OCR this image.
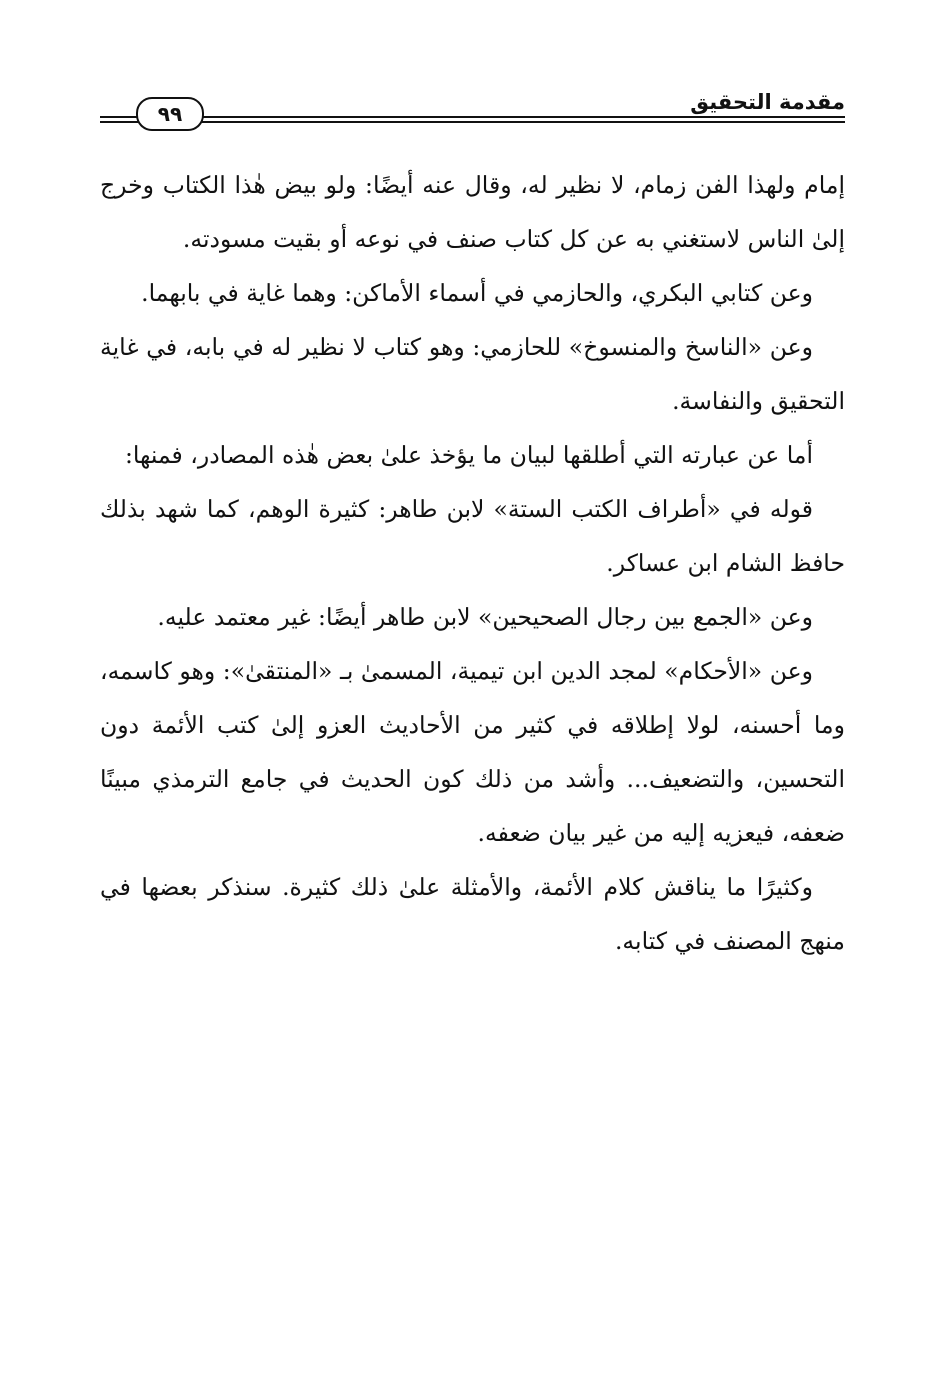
مقدمة التحقيق
٩٩

إمام ولهذا الفن زمام، لا نظير له، وقال عنه أيضًا: ولو بيض هٰذا الكتاب وخرج إلىٰ الناس لاستغني به عن كل كتاب صنف في نوعه أو بقيت مسودته.

وعن كتابي البكري، والحازمي في أسماء الأماكن: وهما غاية في بابهما.

وعن «الناسخ والمنسوخ» للحازمي: وهو كتاب لا نظير له في بابه، في غاية التحقيق والنفاسة.

أما عن عبارته التي أطلقها لبيان ما يؤخذ علىٰ بعض هٰذه المصادر، فمنها:

قوله في «أطراف الكتب الستة» لابن طاهر: كثيرة الوهم، كما شهد بذلك حافظ الشام ابن عساكر.

وعن «الجمع بين رجال الصحيحين» لابن طاهر أيضًا: غير معتمد عليه.

وعن «الأحكام» لمجد الدين ابن تيمية، المسمىٰ بـ «المنتقىٰ»: وهو كاسمه، وما أحسنه، لولا إطلاقه في كثير من الأحاديث العزو إلىٰ كتب الأئمة دون التحسين، والتضعيف... وأشد من ذلك كون الحديث في جامع الترمذي مبينًا ضعفه، فيعزيه إليه من غير بيان ضعفه.

وكثيرًا ما يناقش كلام الأئمة، والأمثلة علىٰ ذلك كثيرة. سنذكر بعضها في منهج المصنف في كتابه.
